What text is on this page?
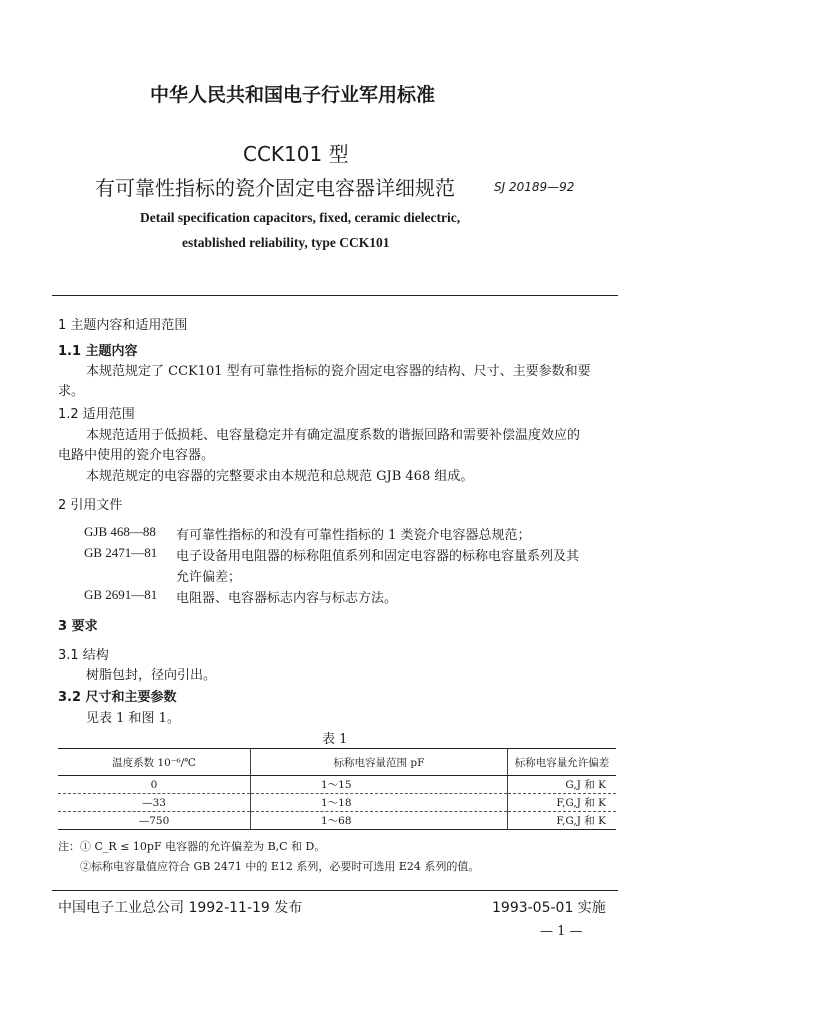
中华人民共和国电子行业军用标准
CCK101 型
有可靠性指标的瓷介固定电容器详细规范	SJ 20189—92
Detail specification capacitors, fixed, ceramic dielectric,
established reliability, type CCK101
1 主题内容和适用范围
1.1 主题内容
本规范规定了 CCK101 型有可靠性指标的瓷介固定电容器的结构、尺寸、主要参数和要
求。
1.2 适用范围
本规范适用于低损耗、电容量稳定并有确定温度系数的谐振回路和需要补偿温度效应的
电路中使用的瓷介电容器。
本规范规定的电容器的完整要求由本规范和总规范 GJB 468 组成。
2 引用文件
GJB 468—88 有可靠性指标的和没有可靠性指标的 1 类瓷介电容器总规范；
GB 2471—81 电子设备用电阻器的标称阻值系列和固定电容器的标称电容量系列及其
允许偏差；
GB 2691—81 电阻器、电容器标志内容与标志方法。
3 要求
3.1 结构
树脂包封，径向引出。
3.2 尺寸和主要参数
见表 1 和图 1。
表 1
温度系数 10⁻⁶/℃	标称电容量范围 pF	标称电容量允许偏差
0	1～15	G,J 和 K
—33	1～18	F,G,J 和 K
—750	1～68	F,G,J 和 K
注：① C_R ≤ 10pF 电容器的允许偏差为 B,C 和 D。
②标称电容量值应符合 GB 2471 中的 E12 系列，必要时可选用 E24 系列的值。
中国电子工业总公司 1992-11-19 发布	1993-05-01 实施
— 1 —
